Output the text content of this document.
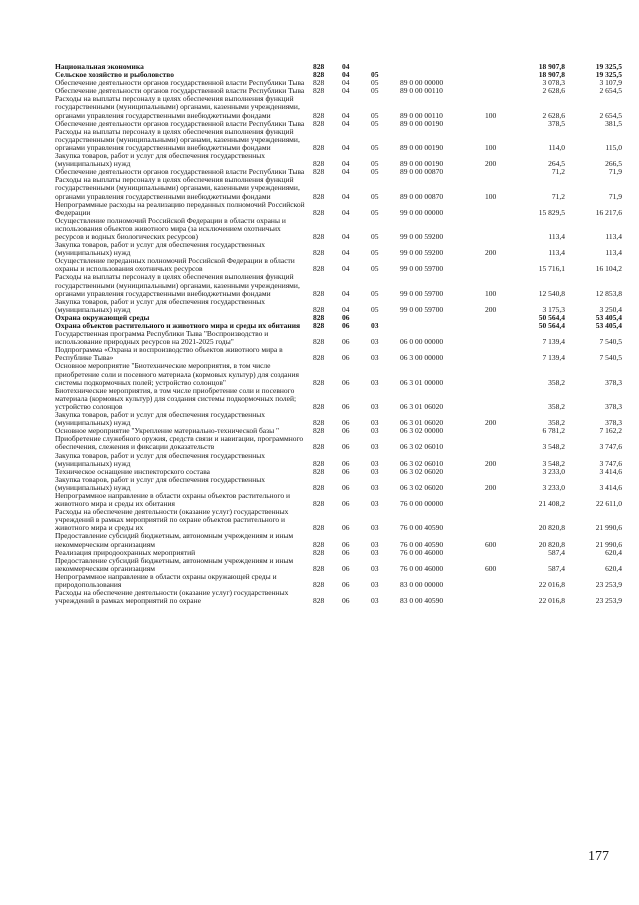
Национальная экономика	828	04				18 907,8	19 325,5
Сельское хозяйство и рыболовство	828	04	05			18 907,8	19 325,5
Обеспечение деятельности органов государственной власти Республики Тыва	828	04	05	89 0 00 00000		3 078,3	3 107,9
Обеспечение деятельности органов государственной власти Республики Тыва	828	04	05	89 0 00 00110		2 628,6	2 654,5
Расходы на выплаты персоналу в целях обеспечения выполнения функций государственными (муниципальными) органами, казенными учреждениями, органами управления государственными внебюджетными фондами	828	04	05	89 0 00 00110	100	2 628,6	2 654,5
Обеспечение деятельности органов государственной власти Республики Тыва	828	04	05	89 0 00 00190		378,5	381,5
Расходы на выплаты персоналу в целях обеспечения выполнения функций государственными (муниципальными) органами, казенными учреждениями, органами управления государственными внебюджетными фондами	828	04	05	89 0 00 00190	100	114,0	115,0
Закупка товаров, работ и услуг для обеспечения государственных (муниципальных) нужд	828	04	05	89 0 00 00190	200	264,5	266,5
Обеспечение деятельности органов государственной власти Республики Тыва	828	04	05	89 0 00 00870		71,2	71,9
Расходы на выплаты персоналу в целях обеспечения выполнения функций государственными (муниципальными) органами, казенными учреждениями, органами управления государственными внебюджетными фондами	828	04	05	89 0 00 00870	100	71,2	71,9
Непрограммные расходы на реализацию переданных полномочий Российской Федерации	828	04	05	99 0 00 00000		15 829,5	16 217,6
Осуществление полномочий Российской Федерации в области охраны и использования объектов животного мира (за исключением охотничьих ресурсов и водных биологических ресурсов)	828	04	05	99 0 00 59200		113,4	113,4
Закупка товаров, работ и услуг для обеспечения государственных (муниципальных) нужд	828	04	05	99 0 00 59200	200	113,4	113,4
Осуществление переданных полномочий Российской Федерации в области охраны и использования охотничьих ресурсов	828	04	05	99 0 00 59700		15 716,1	16 104,2
Расходы на выплаты персоналу в целях обеспечения выполнения функций государственными (муниципальными) органами, казенными учреждениями, органами управления государственными внебюджетными фондами	828	04	05	99 0 00 59700	100	12 540,8	12 853,8
Закупка товаров, работ и услуг для обеспечения государственных (муниципальных) нужд	828	04	05	99 0 00 59700	200	3 175,3	3 250,4
Охрана окружающей среды	828	06				50 564,4	53 405,4
Охрана объектов растительного и животного мира и среды их обитания	828	06	03			50 564,4	53 405,4
Государственная программа Республики Тыва "Воспроизводство и использование природных ресурсов на 2021-2025 годы"	828	06	03	06 0 00 00000		7 139,4	7 540,5
Подпрограмма «Охрана и воспроизводство объектов животного мира в Республике Тыва»	828	06	03	06 3 00 00000		7 139,4	7 540,5
Основное мероприятие "Биотехнические мероприятия, в том числе приобретение соли и посевного материала (кормовых культур) для создания системы подкормочных полей; устройство солонцов"	828	06	03	06 3 01 00000		358,2	378,3
Биотехнические мероприятия, в том числе приобретение соли и посевного материала (кормовых культур) для создания системы подкормочных полей; устройство солонцов	828	06	03	06 3 01 06020		358,2	378,3
Закупка товаров, работ и услуг для обеспечения государственных (муниципальных) нужд	828	06	03	06 3 01 06020	200	358,2	378,3
Основное мероприятие "Укрепление материально-технической базы "	828	06	03	06 3 02 00000		6 781,2	7 162,2
Приобретение служебного оружия, средств связи и навигации, программного обеспечения, слежения и фиксации доказательств	828	06	03	06 3 02 06010		3 548,2	3 747,6
Закупка товаров, работ и услуг для обеспечения государственных (муниципальных) нужд	828	06	03	06 3 02 06010	200	3 548,2	3 747,6
Техническое оснащение инспекторского состава	828	06	03	06 3 02 06020		3 233,0	3 414,6
Закупка товаров, работ и услуг для обеспечения государственных (муниципальных) нужд	828	06	03	06 3 02 06020	200	3 233,0	3 414,6
Непрограммное направление в области охраны объектов растительного и животного мира и среды их обитания	828	06	03	76 0 00 00000		21 408,2	22 611,0
Расходы на обеспечение деятельности (оказание услуг) государственных учреждений в рамках мероприятий по охране объектов растительного и животного мира и среды их	828	06	03	76 0 00 40590		20 820,8	21 990,6
Предоставление субсидий бюджетным, автономным учреждениям и иным некоммерческим организациям	828	06	03	76 0 00 40590	600	20 820,8	21 990,6
Реализация природоохранных мероприятий	828	06	03	76 0 00 46000		587,4	620,4
Предоставление субсидий бюджетным, автономным учреждениям и иным некоммерческим организациям	828	06	03	76 0 00 46000	600	587,4	620,4
Непрограммное направление в области охраны окружающей среды и природопользования	828	06	03	83 0 00 00000		22 016,8	23 253,9
Расходы на обеспечение деятельности (оказание услуг) государственных учреждений в рамках мероприятий по охране	828	06	03	83 0 00 40590		22 016,8	23 253,9
177
